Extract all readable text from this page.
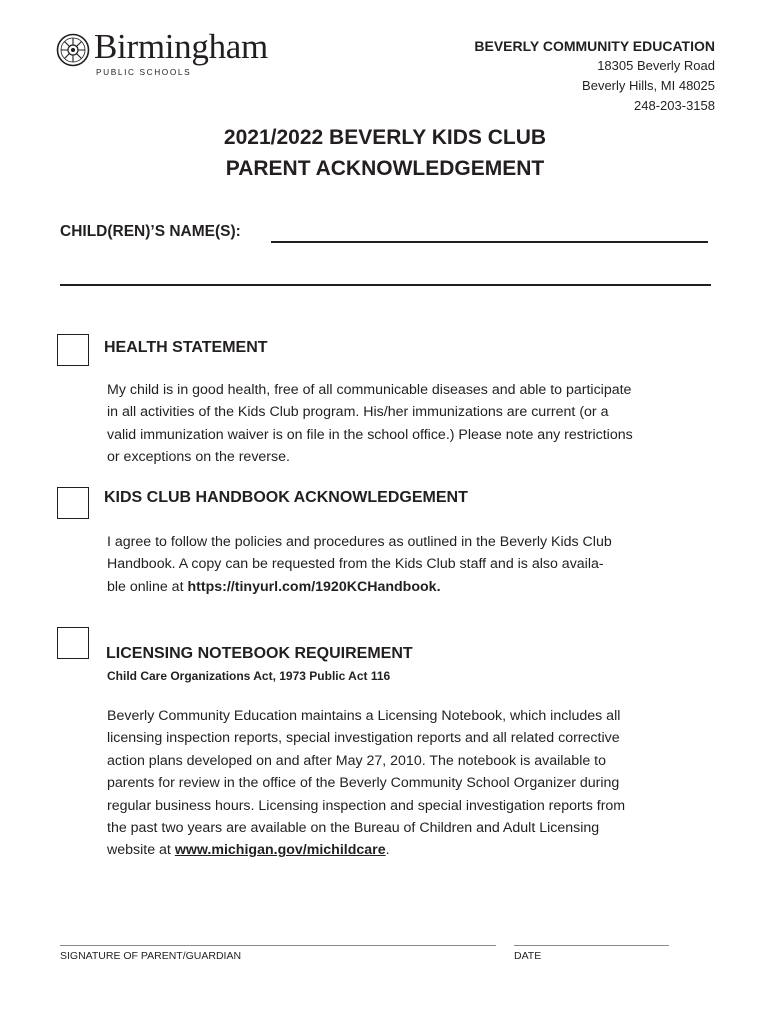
Birmingham
PUBLIC SCHOOLS
BEVERLY COMMUNITY EDUCATION
18305 Beverly Road
Beverly Hills, MI 48025
248-203-3158
2021/2022 BEVERLY KIDS CLUB
PARENT ACKNOWLEDGEMENT
CHILD(REN)’S NAME(S):
HEALTH STATEMENT
My child is in good health, free of all communicable diseases and able to participate
in all activities of the Kids Club program. His/her immunizations are current (or a
valid immunization waiver is on file in the school office.) Please note any restrictions
or exceptions on the reverse.
KIDS CLUB HANDBOOK ACKNOWLEDGEMENT
I agree to follow the policies and procedures as outlined in the Beverly Kids Club
Handbook. A copy can be requested from the Kids Club staff and is also availa-
ble online at https://tinyurl.com/1920KCHandbook.
LICENSING NOTEBOOK REQUIREMENT
Child Care Organizations Act, 1973 Public Act 116
Beverly Community Education maintains a Licensing Notebook, which includes all
licensing inspection reports, special investigation reports and all related corrective
action plans developed on and after May 27, 2010. The notebook is available to
parents for review in the office of the Beverly Community School Organizer during
regular business hours. Licensing inspection and special investigation reports from
the past two years are available on the Bureau of Children and Adult Licensing
website at www.michigan.gov/michildcare.
SIGNATURE OF PARENT/GUARDIAN	DATE
